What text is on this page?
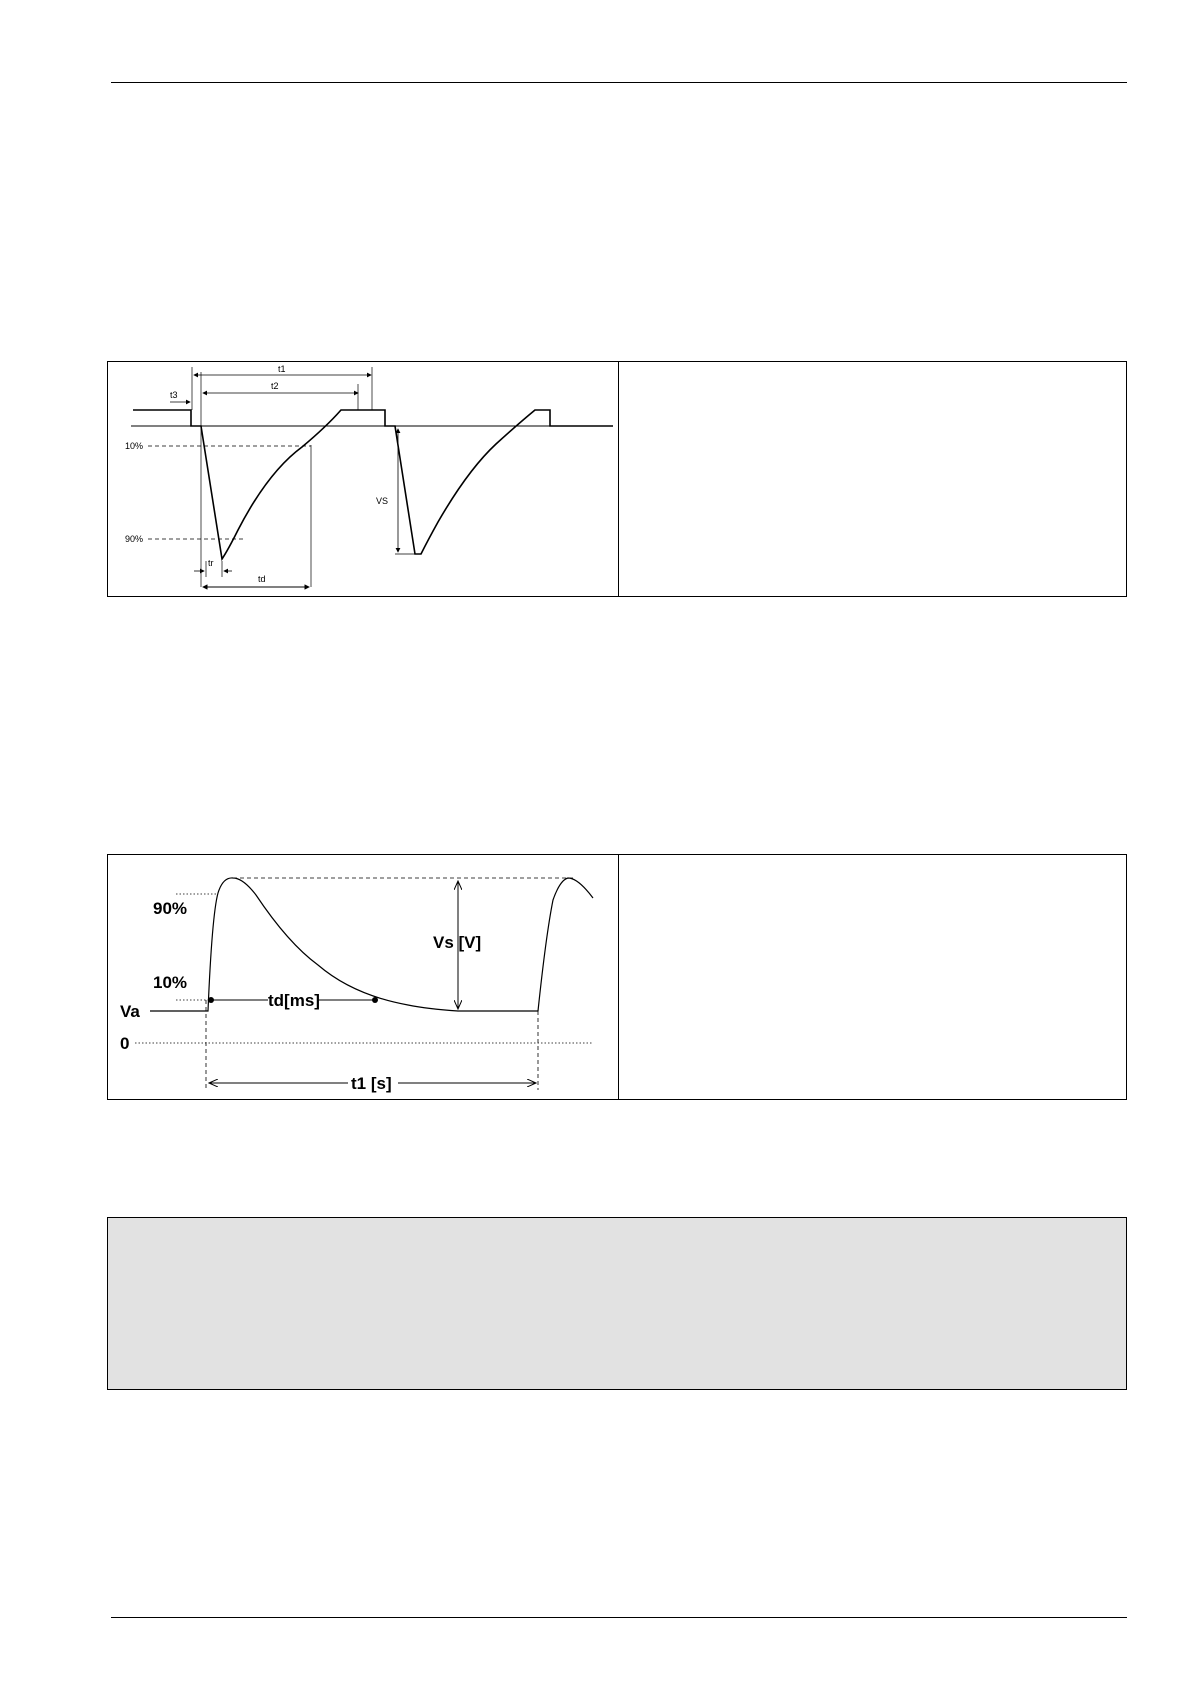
t1
t2
t3
10%
90%
VS
tr
td
90%
10%
Va
0
Vs [V]
td[ms]
t1 [s]
